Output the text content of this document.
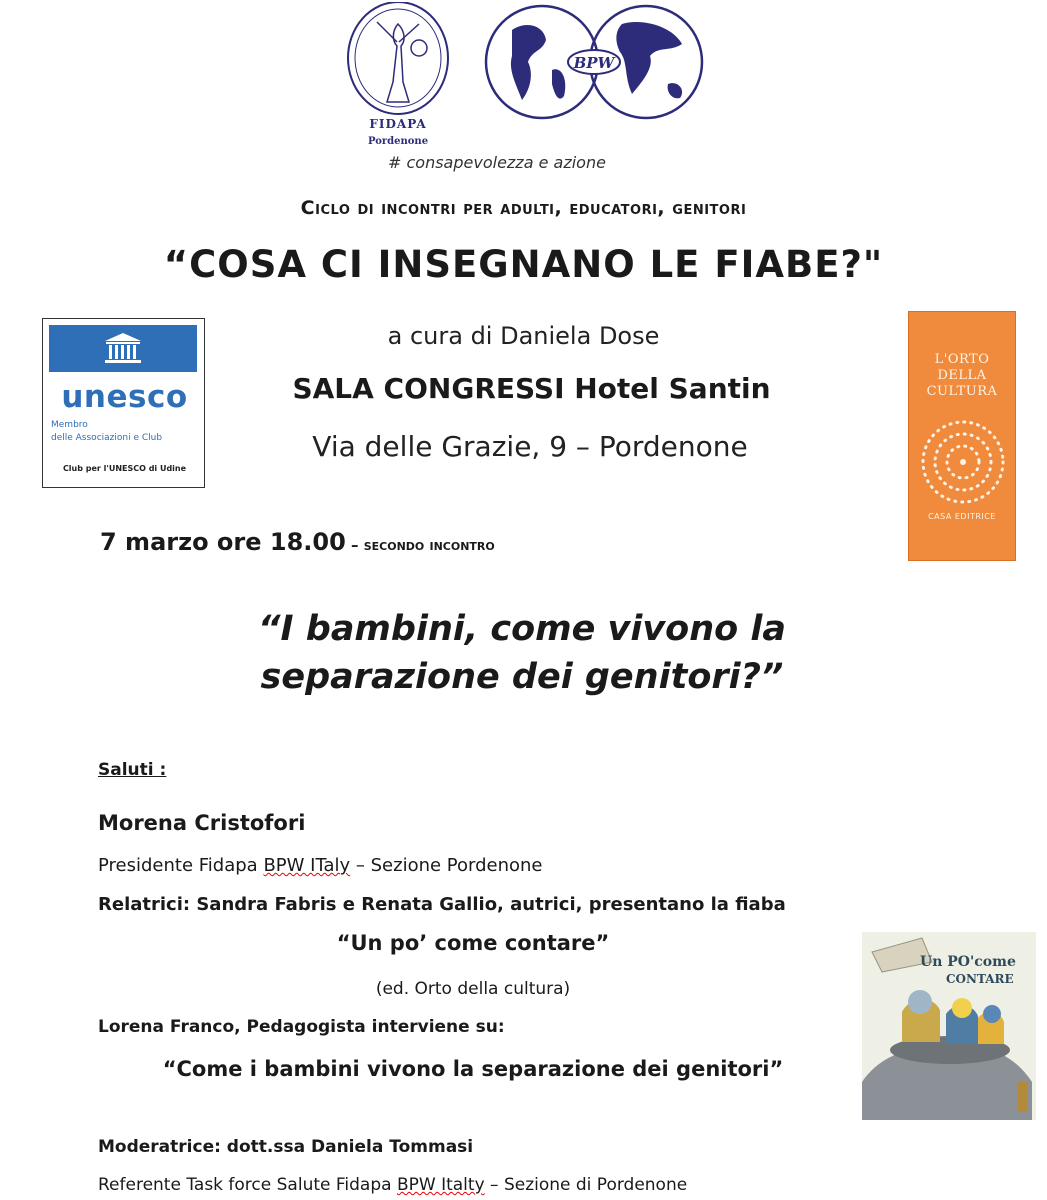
FIDAPA
Pordenone
BPW
# consapevolezza e azione
Ciclo di incontri per adulti, educatori, genitori
“COSA CI INSEGNANO LE FIABE?"
unesco
Membro
delle Associazioni e Club
Club per l'UNESCO di Udine
a cura di Daniela Dose
SALA CONGRESSI Hotel Santin
Via delle Grazie, 9 – Pordenone
L'ORTO
DELLA
CULTURA
CASA EDITRICE
7 marzo ore 18.00 – secondo incontro
“I bambini, come vivono la
separazione dei genitori?”
Saluti :
Morena Cristofori
Presidente Fidapa BPW ITaly – Sezione Pordenone
Relatrici: Sandra Fabris e Renata Gallio, autrici, presentano la fiaba
“Un po’ come contare”
(ed. Orto della cultura)
Lorena Franco, Pedagogista interviene su:
“Come i bambini vivono la separazione dei genitori”
Moderatrice: dott.ssa Daniela Tommasi
Referente Task force Salute Fidapa BPW Italty – Sezione di Pordenone
Un PO'come
CONTARE
